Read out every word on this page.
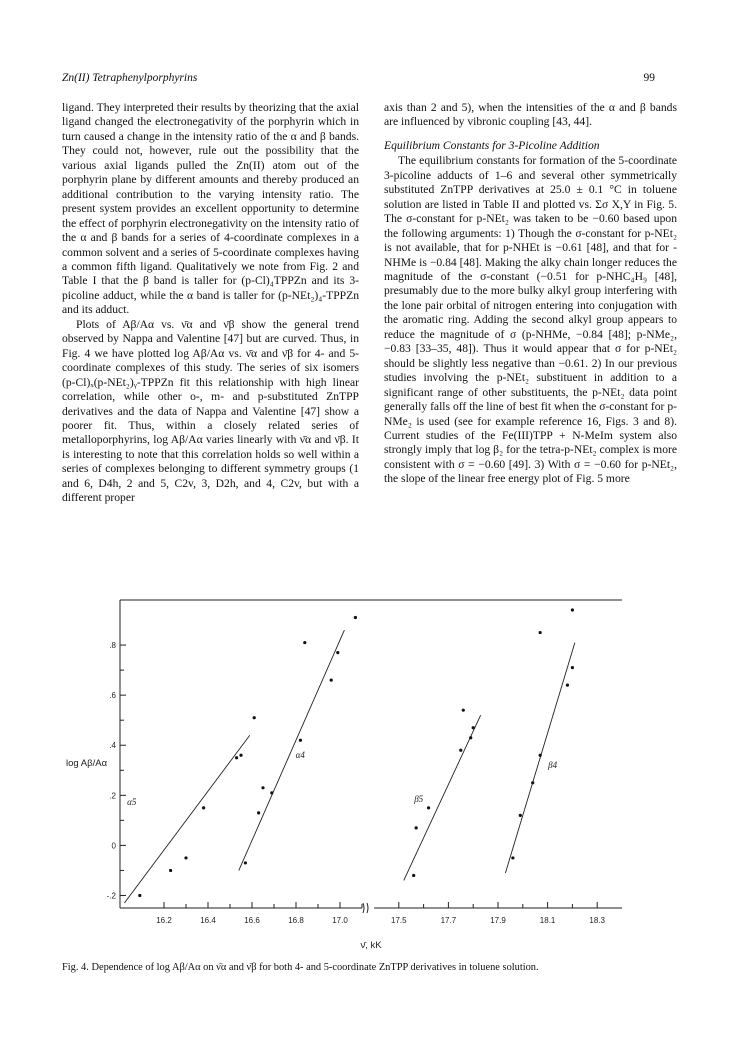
Zn(II) Tetraphenylporphyrins	99

ligand. They interpreted their results by theorizing that the axial ligand changed the electronegativity of the porphyrin which in turn caused a change in the intensity ratio of the α and β bands. They could not, however, rule out the possibility that the various axial ligands pulled the Zn(II) atom out of the porphyrin plane by different amounts and thereby produced an additional contribution to the varying intensity ratio. The present system provides an excellent opportunity to determine the effect of porphyrin electronegativity on the intensity ratio of the α and β bands for a series of 4-coordinate complexes in a common solvent and a series of 5-coordinate complexes having a common fifth ligand. Qualitatively we note from Fig. 2 and Table I that the β band is taller for (p-Cl)₄TPPZn and its 3-picoline adduct, while the α band is taller for (p-NEt₂)₄-TPPZn and its adduct.

Plots of Aβ/Aα vs. ν̄α and ν̄β show the general trend observed by Nappa and Valentine [47] but are curved. Thus, in Fig. 4 we have plotted log Aβ/Aα vs. ν̄α and ν̄β for 4- and 5-coordinate complexes of this study. The series of six isomers (p-Cl)ₓ(p-NEt₂)ᵧ-TPPZn fit this relationship with high linear correlation, while other o-, m- and p-substituted ZnTPP derivatives and the data of Nappa and Valentine [47] show a poorer fit. Thus, within a closely related series of metalloporphyrins, log Aβ/Aα varies linearly with ν̄α and ν̄β. It is interesting to note that this correlation holds so well within a series of complexes belonging to different symmetry groups (1 and 6, D4h, 2 and 5, C2v, 3, D2h, and 4, C2v, but with a different proper

axis than 2 and 5), when the intensities of the α and β bands are influenced by vibronic coupling [43, 44].

Equilibrium Constants for 3-Picoline Addition

The equilibrium constants for formation of the 5-coordinate 3-picoline adducts of 1–6 and several other symmetrically substituted ZnTPP derivatives at 25.0 ± 0.1 °C in toluene solution are listed in Table II and plotted vs. Σσ X,Y in Fig. 5. The σ-constant for p-NEt₂ was taken to be −0.60 based upon the following arguments: 1) Though the σ-constant for p-NEt₂ is not available, that for p-NHEt is −0.61 [48], and that for -NHMe is −0.84 [48]. Making the alky chain longer reduces the magnitude of the σ-constant (−0.51 for p-NHC₄H₉ [48], presumably due to the more bulky alkyl group interfering with the lone pair orbital of nitrogen entering into conjugation with the aromatic ring. Adding the second alkyl group appears to reduce the magnitude of σ (p-NHMe, −0.84 [48]; p-NMe₂, −0.83 [33–35, 48]). Thus it would appear that σ for p-NEt₂ should be slightly less negative than −0.61. 2) In our previous studies involving the p-NEt₂ substituent in addition to a significant range of other substituents, the p-NEt₂ data point generally falls off the line of best fit when the σ-constant for p-NMe₂ is used (see for example reference 16, Figs. 3 and 8). Current studies of the Fe(III)TPP + N-MeIm system also strongly imply that log β₂ for the tetra-p-NEt₂ complex is more consistent with σ = −0.60 [49]. 3) With σ = −0.60 for p-NEt₂, the slope of the linear free energy plot of Fig. 5 more

.8
.6
.4
.2
0
-.2
log Aβ/Aα
16.2	16.4	16.6	16.8	17.0	17.5	17.7	17.9	18.1	18.3
ν̄, kK
α5
α4
β5
β4
Fig. 4. Dependence of log Aβ/Aα on ν̄α and ν̄β for both 4- and 5-coordinate ZnTPP derivatives in toluene solution.
